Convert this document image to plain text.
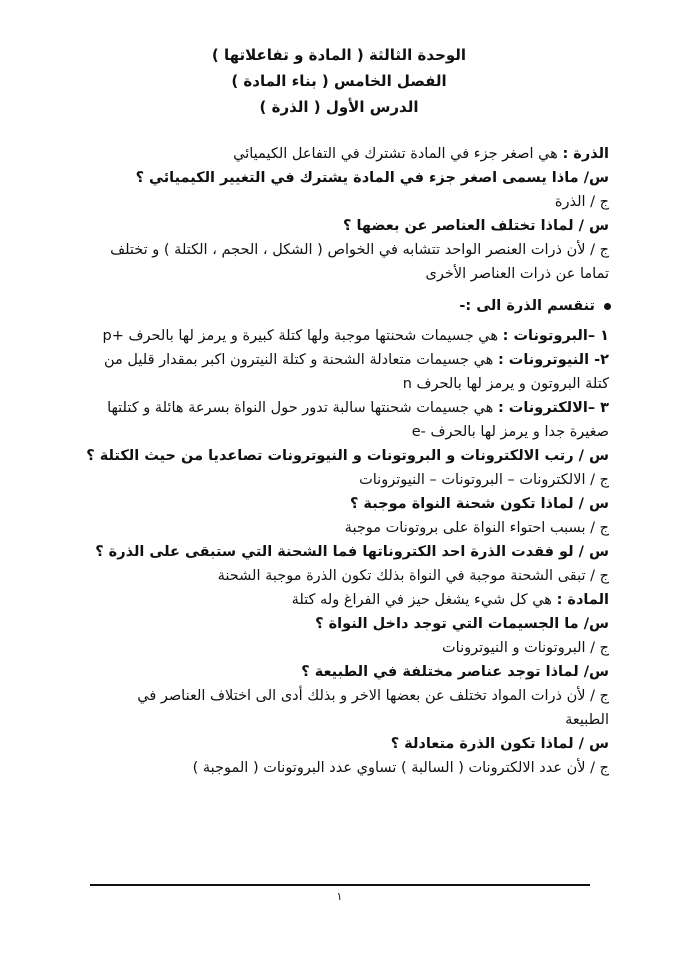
الوحدة الثالثة ( المادة و تفاعلاتها )
الفصل الخامس ( بناء المادة )
الدرس الأول ( الذرة )
الذرة : هي اصغر جزء في المادة تشترك في التفاعل الكيميائي
س/ ماذا يسمى اصغر جزء في المادة يشترك في التغيير الكيميائي ؟
ج / الذرة
س / لماذا تختلف العناصر عن بعضها ؟
ج / لأن ذرات العنصر الواحد تتشابه في الخواص ( الشكل ، الحجم ، الكتلة ) و تختلف
تماما عن ذرات العناصر الأخرى
تنقسم الذرة الى :-
١ –البروتونات : هي جسيمات شحنتها موجبة ولها كتلة كبيرة و يرمز لها بالحرف p+
٢- النيوترونات : هي جسيمات متعادلة الشحنة و كتلة النيترون اكبر بمقدار قليل من
كتلة البروتون و يرمز لها بالحرف n
٣ –الالكترونات : هي جسيمات شحنتها سالبة تدور حول النواة بسرعة هائلة و كتلتها
صغيرة جدا و يرمز لها بالحرف e-
س / رتب الالكترونات و البروتونات و النيوترونات تصاعديا من حيث الكتلة ؟
ج / الالكترونات – البروتونات – النيوترونات
س / لماذا تكون شحنة النواة موجبة ؟
ج / بسبب احتواء النواة على بروتونات موجبة
س / لو فقدت الذرة احد الكتروناتها فما الشحنة التي ستبقى على الذرة ؟
ج / تبقى الشحنة موجبة في النواة بذلك تكون الذرة موجبة الشحنة
المادة : هي كل شيء يشغل حيز في الفراغ وله كتلة
س/ ما الجسيمات التي توجد داخل النواة ؟
ج / البروتونات و النيوترونات
س/ لماذا توجد عناصر مختلفة في الطبيعة ؟
ج / لأن ذرات المواد تختلف عن بعضها الاخر و بذلك أدى الى اختلاف العناصر في
الطبيعة
س / لماذا تكون الذرة متعادلة ؟
ج / لأن عدد الالكترونات ( السالبة ) تساوي عدد البروتونات ( الموجبة )
١
